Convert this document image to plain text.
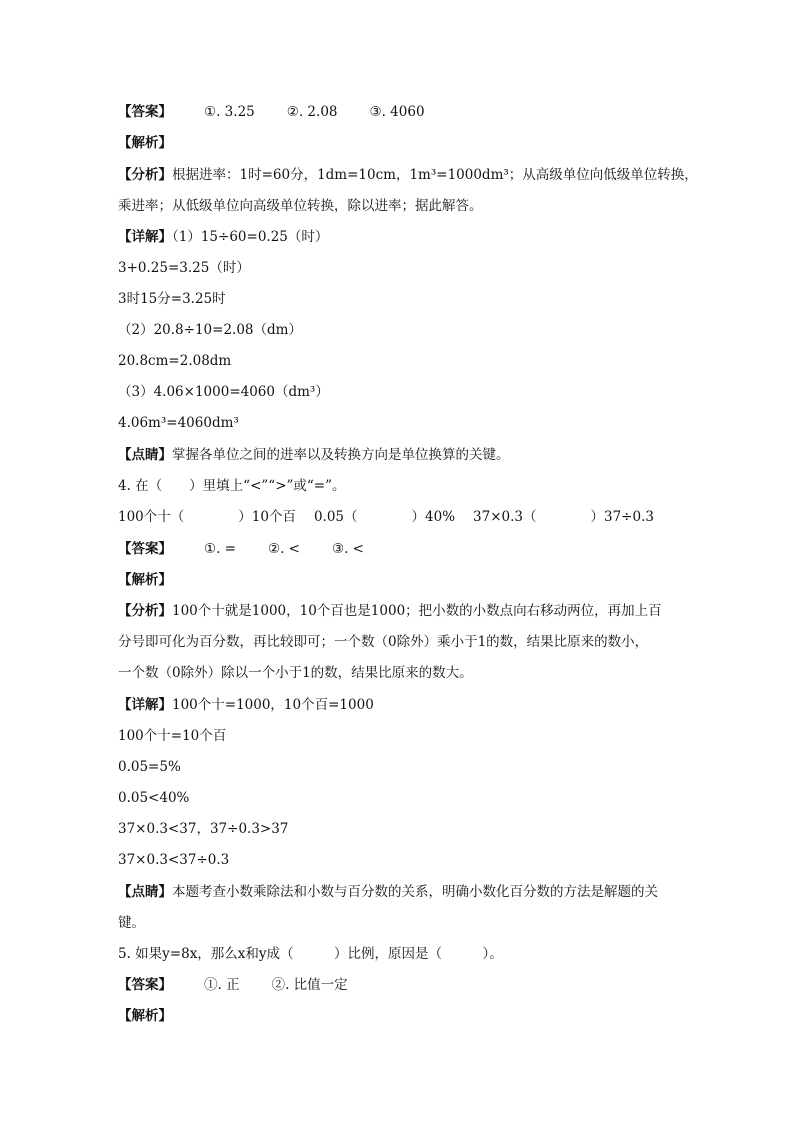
【答案】 ①. 3.25 ②. 2.08 ③. 4060
【解析】
【分析】根据进率：1时=60分，1dm=10cm，1m³=1000dm³；从高级单位向低级单位转换，
乘进率；从低级单位向高级单位转换，除以进率；据此解答。
【详解】（1）15÷60=0.25（时）
3+0.25=3.25（时）
3时15分=3.25时
（2）20.8÷10=2.08（dm）
20.8cm=2.08dm
（3）4.06×1000=4060（dm³）
4.06m³=4060dm³
【点睛】掌握各单位之间的进率以及转换方向是单位换算的关键。
4. 在（　　）里填上“<”“>”或“=”。
100个十（　　　　）10个百 0.05（　　　　）40% 37×0.3（　　　　）37÷0.3
【答案】 ①. = ②. < ③. <
【解析】
【分析】100个十就是1000，10个百也是1000；把小数的小数点向右移动两位，再加上百
分号即可化为百分数，再比较即可；一个数（0除外）乘小于1的数，结果比原来的数小，
一个数（0除外）除以一个小于1的数，结果比原来的数大。
【详解】100个十=1000，10个百=1000
100个十=10个百
0.05=5%
0.05<40%
37×0.3<37，37÷0.3>37
37×0.3<37÷0.3
【点睛】本题考查小数乘除法和小数与百分数的关系，明确小数化百分数的方法是解题的关
键。
5. 如果y=8x，那么x和y成（　　　）比例，原因是（　　　）。
【答案】 ①. 正 ②. 比值一定
【解析】
